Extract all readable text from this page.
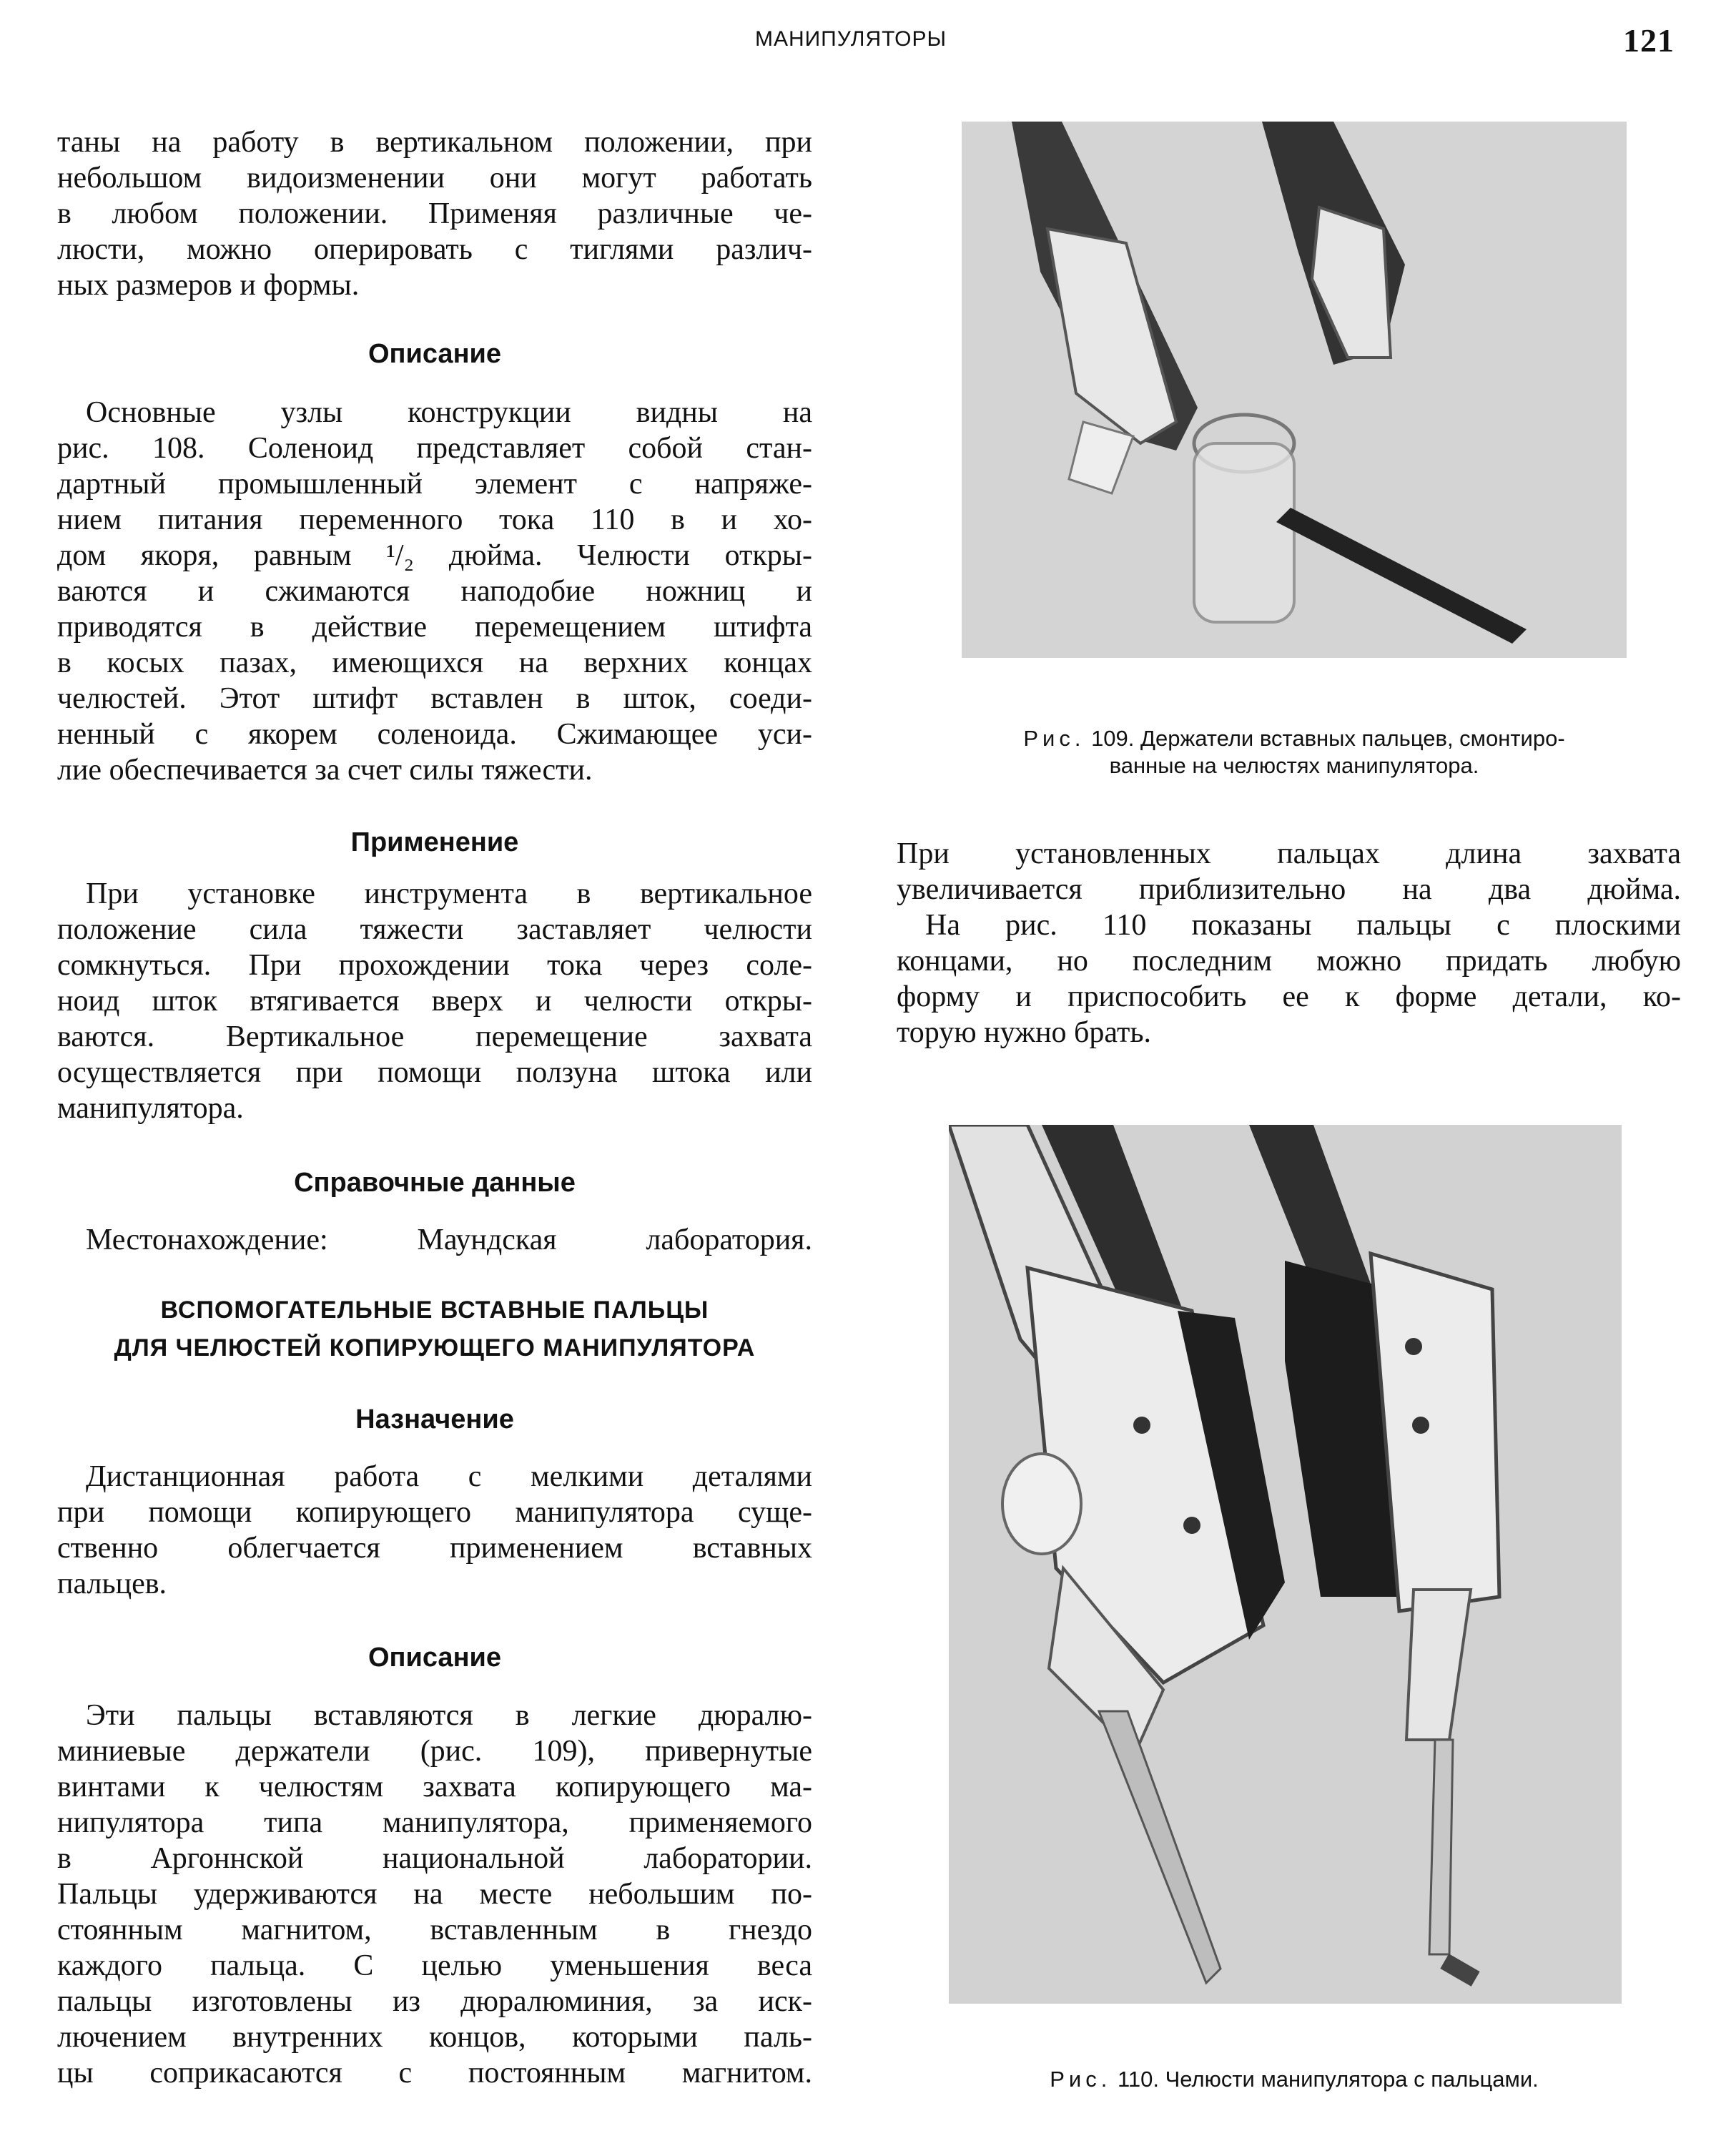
МАНИПУЛЯТОРЫ	121
таны на работу в вертикальном положении, при
небольшом видоизменении они могут работать
в любом положении. Применяя различные че-
люсти, можно оперировать с тиглями различ-
ных размеров и формы.
Описание
Основные узлы конструкции видны на
рис. 108. Соленоид представляет собой стан-
дартный промышленный элемент с напряже-
нием питания переменного тока 110 в и хо-
дом якоря, равным ¹/₂ дюйма. Челюсти откры-
ваются и сжимаются наподобие ножниц и
приводятся в действие перемещением штифта
в косых пазах, имеющихся на верхних концах
челюстей. Этот штифт вставлен в шток, соеди-
ненный с якорем соленоида. Сжимающее уси-
лие обеспечивается за счет силы тяжести.
Применение
При установке инструмента в вертикальное
положение сила тяжести заставляет челюсти
сомкнуться. При прохождении тока через соле-
ноид шток втягивается вверх и челюсти откры-
ваются. Вертикальное перемещение захвата
осуществляется при помощи ползуна штока или
манипулятора.
Справочные данные
Местонахождение: Маундская лаборатория.
ВСПОМОГАТЕЛЬНЫЕ ВСТАВНЫЕ ПАЛЬЦЫ
ДЛЯ ЧЕЛЮСТЕЙ КОПИРУЮЩЕГО МАНИПУЛЯТОРА
Назначение
Дистанционная работа с мелкими деталями
при помощи копирующего манипулятора суще-
ственно облегчается применением вставных
пальцев.
Описание
Эти пальцы вставляются в легкие дюралю-
миниевые держатели (рис. 109), привернутые
винтами к челюстям захвата копирующего ма-
нипулятора типа манипулятора, применяемого
в Аргоннской национальной лаборатории.
Пальцы удерживаются на месте небольшим по-
стоянным магнитом, вставленным в гнездо
каждого пальца. С целью уменьшения веса
пальцы изготовлены из дюралюминия, за иск-
лючением внутренних концов, которыми паль-
цы соприкасаются с постоянным магнитом.
Рис. 109. Держатели вставных пальцев, смонтиро-
ванные на челюстях манипулятора.
При установленных пальцах длина захвата
увеличивается приблизительно на два дюйма.
На рис. 110 показаны пальцы с плоскими
концами, но последним можно придать любую
форму и приспособить ее к форме детали, ко-
торую нужно брать.
Рис. 110. Челюсти манипулятора с пальцами.
